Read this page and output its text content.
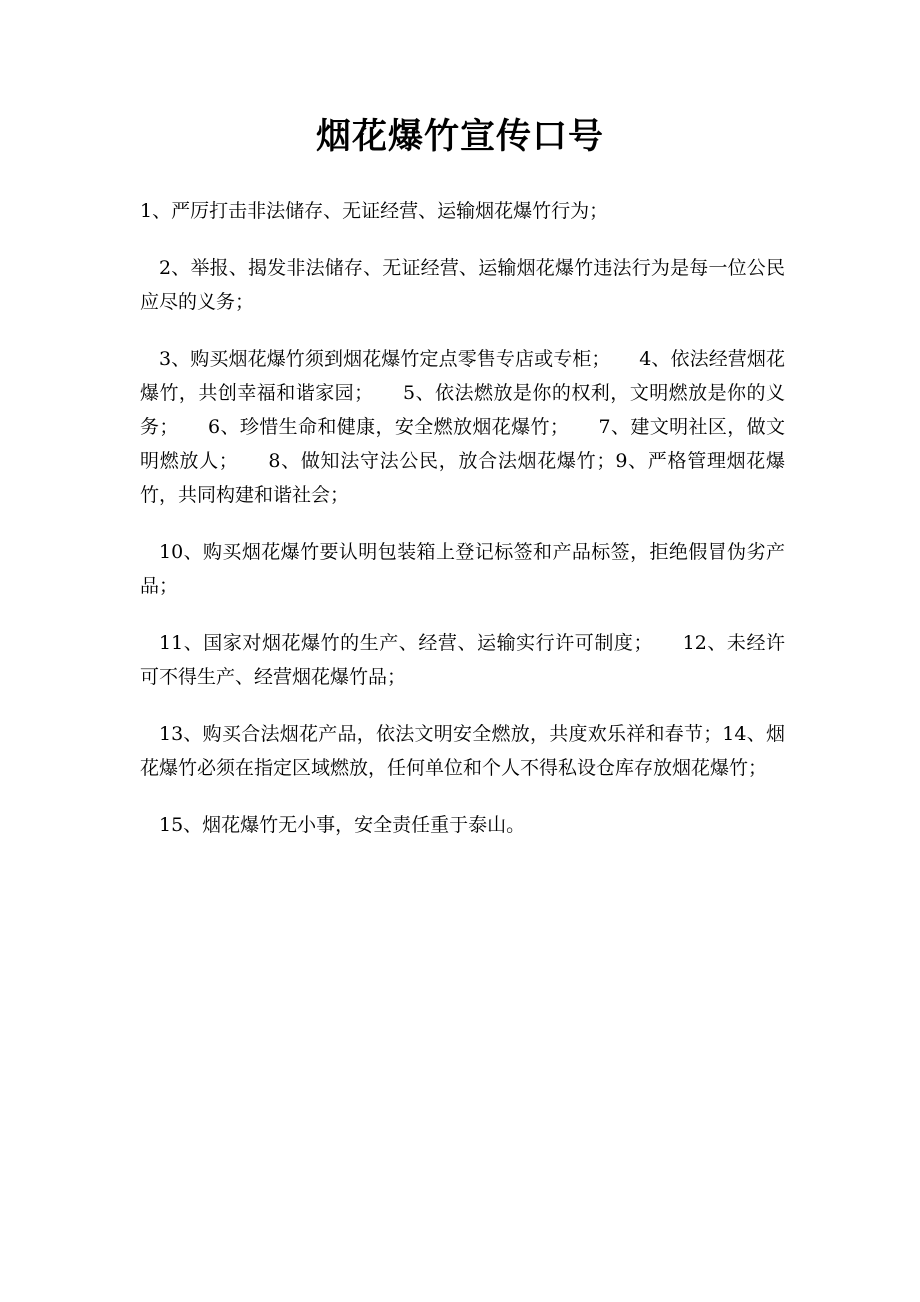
烟花爆竹宣传口号

1、严厉打击非法储存、无证经营、运输烟花爆竹行为；

2、举报、揭发非法储存、无证经营、运输烟花爆竹违法行为是每一位公民应尽的义务；

3、购买烟花爆竹须到烟花爆竹定点零售专店或专柜；　　4、依法经营烟花爆竹，共创幸福和谐家园；　　5、依法燃放是你的权利，文明燃放是你的义务；　　6、珍惜生命和健康，安全燃放烟花爆竹；　　7、建文明社区，做文明燃放人；　　8、做知法守法公民，放合法烟花爆竹；9、严格管理烟花爆竹，共同构建和谐社会；

10、购买烟花爆竹要认明包装箱上登记标签和产品标签，拒绝假冒伪劣产品；

11、国家对烟花爆竹的生产、经营、运输实行许可制度；　　12、未经许可不得生产、经营烟花爆竹品；

13、购买合法烟花产品，依法文明安全燃放，共度欢乐祥和春节；14、烟花爆竹必须在指定区域燃放，任何单位和个人不得私设仓库存放烟花爆竹；

15、烟花爆竹无小事，安全责任重于泰山。
